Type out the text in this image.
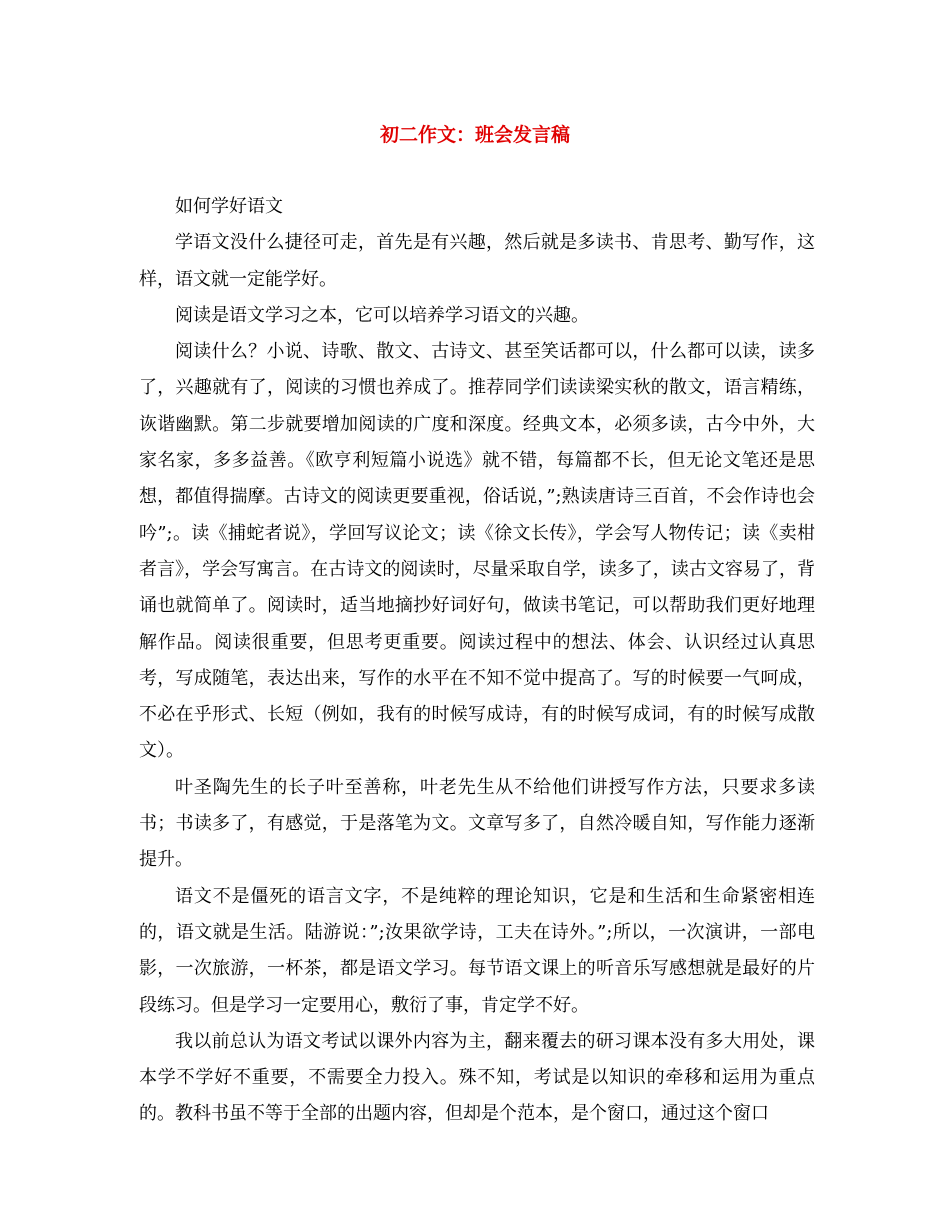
初二作文：班会发言稿

如何学好语文

学语文没什么捷径可走，首先是有兴趣，然后就是多读书、肯思考、勤写作，这样，语文就一定能学好。

阅读是语文学习之本，它可以培养学习语文的兴趣。

阅读什么？小说、诗歌、散文、古诗文、甚至笑话都可以，什么都可以读，读多了，兴趣就有了，阅读的习惯也养成了。推荐同学们读读梁实秋的散文，语言精练，诙谐幽默。第二步就要增加阅读的广度和深度。经典文本，必须多读，古今中外，大家名家，多多益善。《欧亨利短篇小说选》就不错，每篇都不长，但无论文笔还是思想，都值得揣摩。古诗文的阅读更要重视，俗话说，”;熟读唐诗三百首，不会作诗也会吟”;。读《捕蛇者说》，学回写议论文；读《徐文长传》，学会写人物传记；读《卖柑者言》，学会写寓言。在古诗文的阅读时，尽量采取自学，读多了，读古文容易了，背诵也就简单了。阅读时，适当地摘抄好词好句，做读书笔记，可以帮助我们更好地理解作品。阅读很重要，但思考更重要。阅读过程中的想法、体会、认识经过认真思考，写成随笔，表达出来，写作的水平在不知不觉中提高了。写的时候要一气呵成，不必在乎形式、长短（例如，我有的时候写成诗，有的时候写成词，有的时候写成散文）。

叶圣陶先生的长子叶至善称，叶老先生从不给他们讲授写作方法，只要求多读书；书读多了，有感觉，于是落笔为文。文章写多了，自然冷暖自知，写作能力逐渐提升。

语文不是僵死的语言文字，不是纯粹的理论知识，它是和生活和生命紧密相连的，语文就是生活。陆游说：”;汝果欲学诗，工夫在诗外。”;所以，一次演讲，一部电影，一次旅游，一杯茶，都是语文学习。每节语文课上的听音乐写感想就是最好的片段练习。但是学习一定要用心，敷衍了事，肯定学不好。

我以前总认为语文考试以课外内容为主，翻来覆去的研习课本没有多大用处，课本学不学好不重要，不需要全力投入。殊不知，考试是以知识的牵移和运用为重点的。教科书虽不等于全部的出题内容，但却是个范本，是个窗口，通过这个窗口
